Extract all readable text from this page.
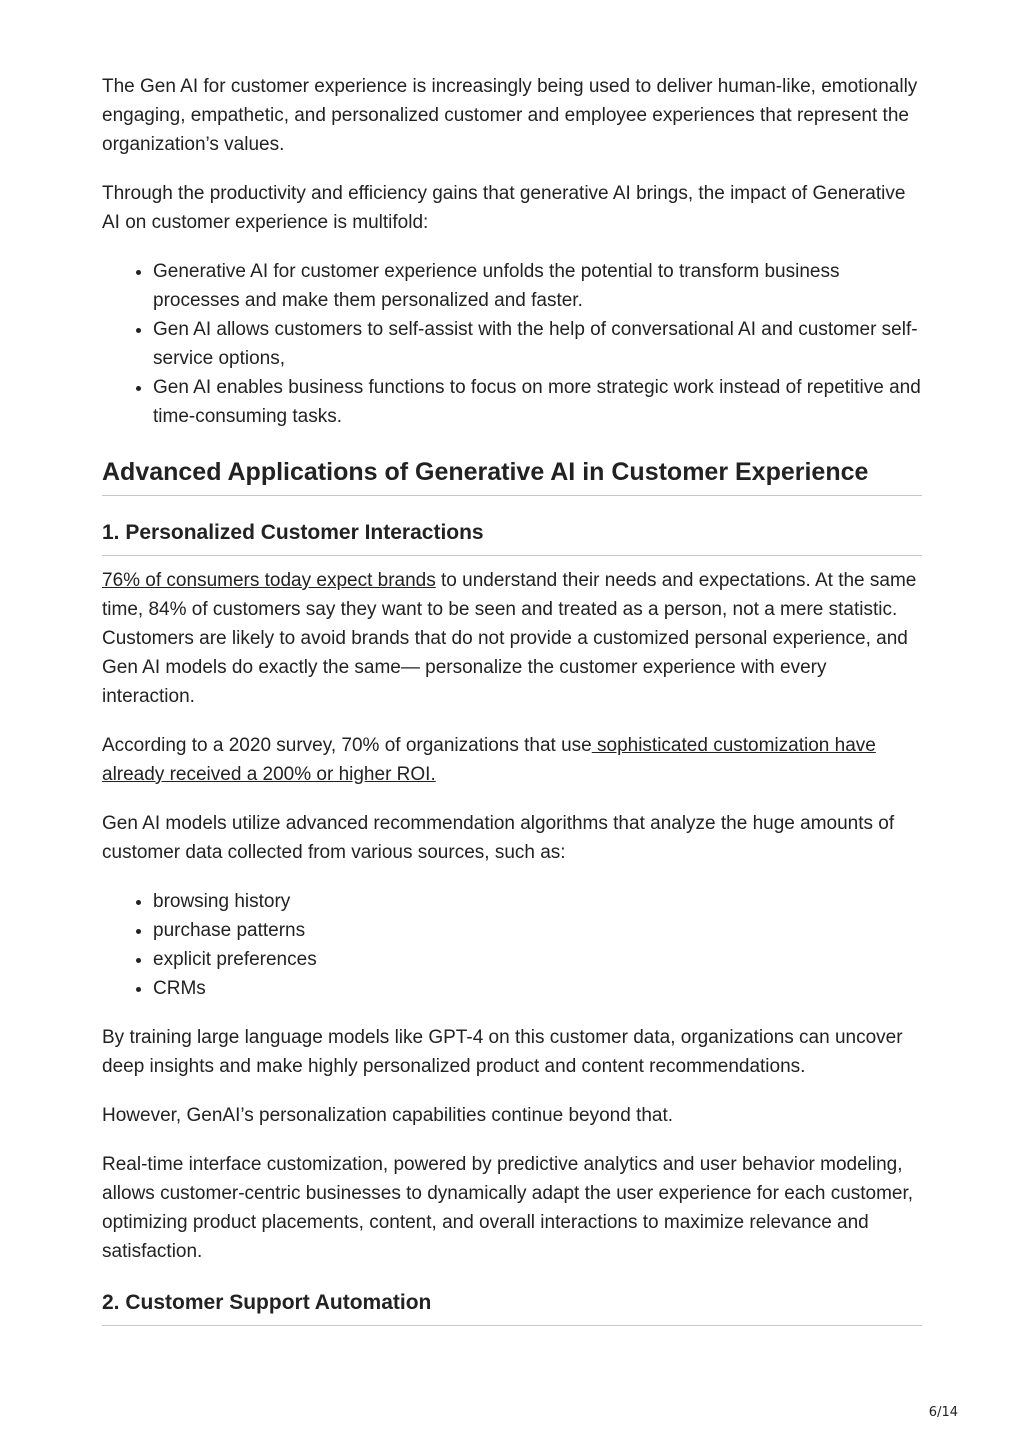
The Gen AI for customer experience is increasingly being used to deliver human-like, emotionally engaging, empathetic, and personalized customer and employee experiences that represent the organization’s values.

Through the productivity and efficiency gains that generative AI brings, the impact of Generative AI on customer experience is multifold:

• Generative AI for customer experience unfolds the potential to transform business processes and make them personalized and faster.
• Gen AI allows customers to self-assist with the help of conversational AI and customer self-service options,
• Gen AI enables business functions to focus on more strategic work instead of repetitive and time-consuming tasks.
Advanced Applications of Generative AI in Customer Experience
1. Personalized Customer Interactions

76% of consumers today expect brands to understand their needs and expectations. At the same time, 84% of customers say they want to be seen and treated as a person, not a mere statistic. Customers are likely to avoid brands that do not provide a customized personal experience, and Gen AI models do exactly the same— personalize the customer experience with every interaction.

According to a 2020 survey, 70% of organizations that use sophisticated customization have already received a 200% or higher ROI.

Gen AI models utilize advanced recommendation algorithms that analyze the huge amounts of customer data collected from various sources, such as:

• browsing history
• purchase patterns
• explicit preferences
• CRMs

By training large language models like GPT-4 on this customer data, organizations can uncover deep insights and make highly personalized product and content recommendations.

However, GenAI’s personalization capabilities continue beyond that.

Real-time interface customization, powered by predictive analytics and user behavior modeling, allows customer-centric businesses to dynamically adapt the user experience for each customer, optimizing product placements, content, and overall interactions to maximize relevance and satisfaction.

2. Customer Support Automation
6/14
